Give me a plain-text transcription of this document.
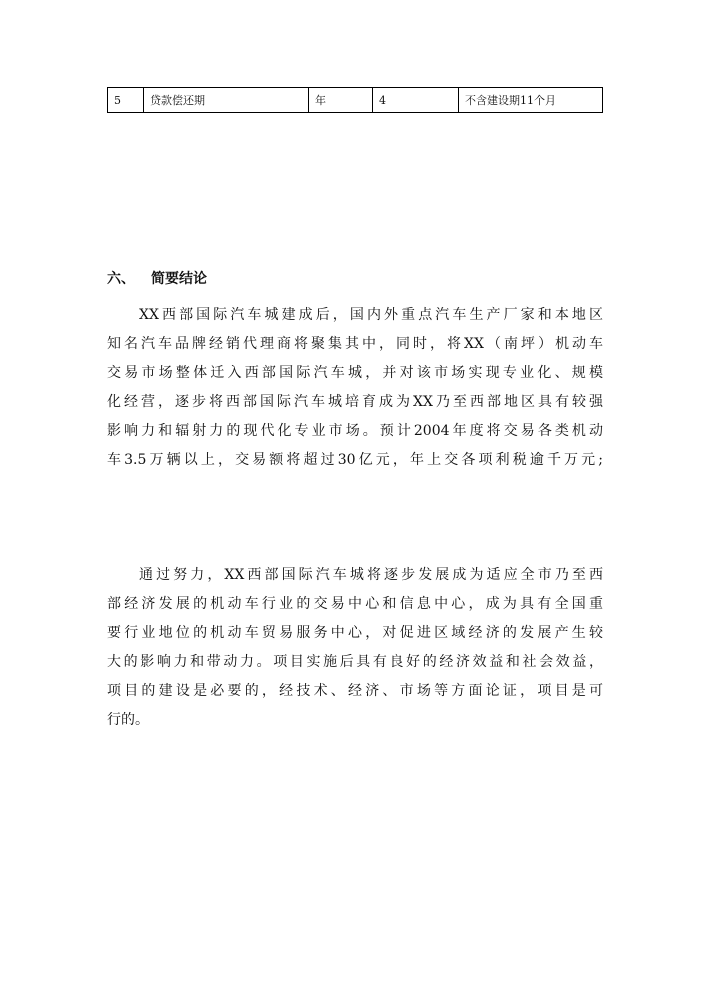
5	贷款偿还期	年	4	不含建设期11个月
六、 简要结论

XX西部国际汽车城建成后，国内外重点汽车生产厂家和本地区
知名汽车品牌经销代理商将聚集其中，同时，将XX（南坪）机动车
交易市场整体迁入西部国际汽车城，并对该市场实现专业化、规模
化经营，逐步将西部国际汽车城培育成为XX乃至西部地区具有较强
影响力和辐射力的现代化专业市场。预计2004年度将交易各类机动
车3.5万辆以上，交易额将超过30亿元，年上交各项利税逾千万元;

通过努力，XX西部国际汽车城将逐步发展成为适应全市乃至西
部经济发展的机动车行业的交易中心和信息中心，成为具有全国重
要行业地位的机动车贸易服务中心，对促进区域经济的发展产生较
大的影响力和带动力。项目实施后具有良好的经济效益和社会效益，
项目的建设是必要的，经技术、经济、市场等方面论证，项目是可
行的。
